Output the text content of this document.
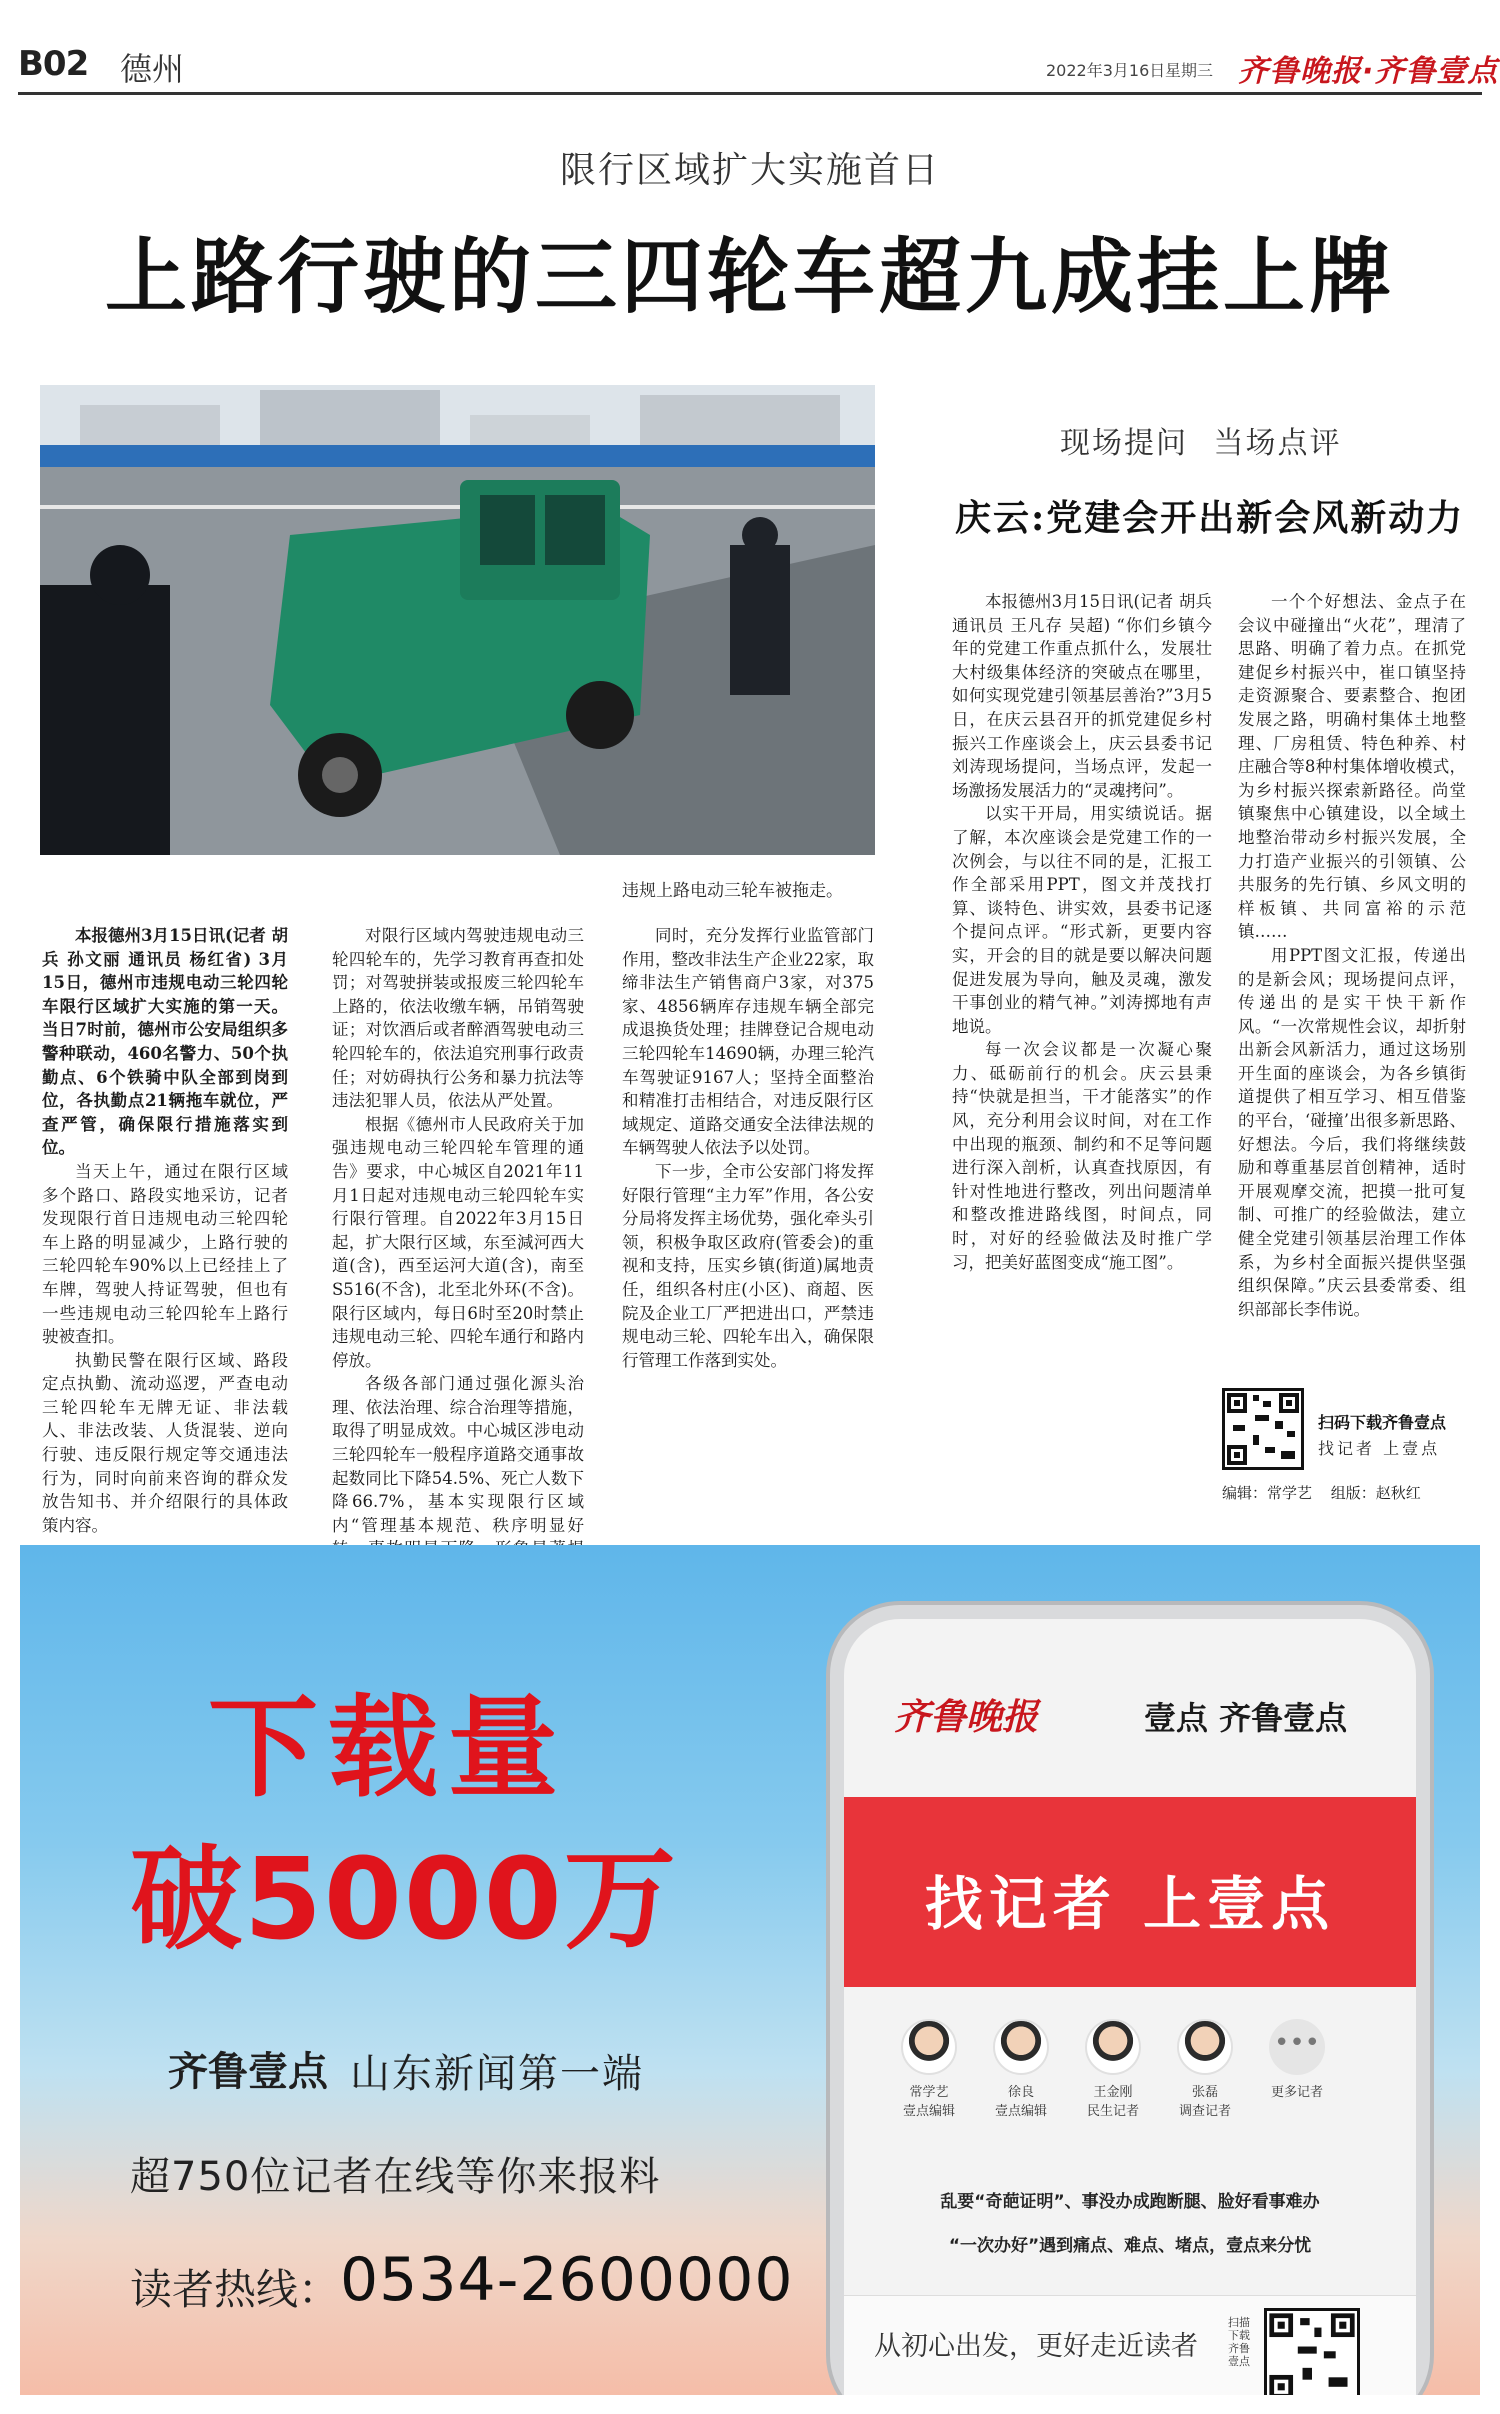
B02 德州	2022年3月16日 星期三 齐鲁晚报·齐鲁壹点
限行区域扩大实施首日
上路行驶的三四轮车超九成挂上牌
违规上路电动三轮车被拖走。

本报德州3月15日讯(记者 胡兵 孙文丽 通讯员 杨红省) 3月15日，德州市违规电动三轮四轮车限行区域扩大实施的第一天。当日7时前，德州市公安局组织多警种联动，460名警力、50个执勤点、6个铁骑中队全部到岗到位，各执勤点21辆拖车就位，严查严管，确保限行措施落实到位。

当天上午，通过在限行区域多个路口、路段实地采访，记者发现限行首日违规电动三轮四轮车上路的明显减少，上路行驶的三轮四轮车90%以上已经挂上了车牌，驾驶人持证驾驶，但也有一些违规电动三轮四轮车上路行驶被查扣。

执勤民警在限行区域、路段定点执勤、流动巡逻，严查电动三轮四轮车无牌无证、非法载人、非法改装、人货混装、逆向行驶、违反限行规定等交通违法行为，同时向前来咨询的群众发放告知书、并介绍限行的具体政策内容。

对限行区域内驾驶违规电动三轮四轮车的，先学习教育再查扣处罚；对驾驶拼装或报废三轮四轮车上路的，依法收缴车辆，吊销驾驶证；对饮酒后或者醉酒驾驶电动三轮四轮车的，依法追究刑事行政责任；对妨碍执行公务和暴力抗法等违法犯罪人员，依法从严处置。

根据《德州市人民政府关于加强违规电动三轮四轮车管理的通告》要求，中心城区自2021年11月1日起对违规电动三轮四轮车实行限行管理。自2022年3月15日起，扩大限行区域，东至減河西大道(含)，西至运河大道(含)，南至S516(不含)，北至北外环(不含)。限行区域内，每日6时至20时禁止违规电动三轮、四轮车通行和路内停放。

各级各部门通过强化源头治理、依法治理、综合治理等措施，取得了明显成效。中心城区涉电动三轮四轮车一般程序道路交通事故起数同比下降54.5%、死亡人数下降66.7%，基本实现限行区域内“管理基本规范、秩序明显好

同时，充分发挥行业监管部门作用，整改非法生产企业22家，取缔非法生产销售商户3家，对375家、4856辆库存违规车辆全部完成退换货处理；挂牌登记合规电动三轮四轮车14690辆，办理三轮汽车驾驶证9167人；坚持全面整治和精准打击相结合，对违反限行区域规定、道路交通安全法律法规的车辆驾驶人依法予以处罚。

下一步，全市公安部门将发挥好限行管理“主力军”作用，各公安分局将发挥主场优势，强化牵头引领，积极争取区政府(管委会)的重视和支持，压实乡镇(街道)属地责任，组织各村庄(小区)、商超、医院及企业工厂严把进出口，严禁违规电动三轮、四轮车出入，确保限行管理工作落到实处。

现场提问 当场点评
庆云:党建会开出新会风新动力

本报德州3月15日讯(记者 胡兵 通讯员 王凡存 吴超) “你们乡镇今年的党建工作重点抓什么，发展壮大村级集体经济的突破点在哪里，如何实现党建引领基层善治?”3月5日，在庆云县召开的抓党建促乡村振兴工作座谈会上，庆云县委书记刘涛现场提问，当场点评，发起一场激扬发展活力的“灵魂拷问”。

以实干开局，用实绩说话。据了解，本次座谈会是党建工作的一次例会，与以往不同的是，汇报工作全部采用PPT，图文并茂找打算、谈特色、讲实效，县委书记逐个提问点评。“形式新，更要内容实，开会的目的就是要以解决问题促进发展为导向，触及灵魂，激发干事创业的精气神。”刘涛掷地有声地说。

每一次会议都是一次凝心聚力、砥砺前行的机会。庆云县秉持“快就是担当，干才能落实”的作风，充分利用会议时间，对在工作中出现的瓶颈、制约和不足等问题进行深入剖析，认真查找原因，有针对性地进行整改，列出问题清单和整改推进路线图，时间点，同时，对好的经验做法及时推广学习，把美好蓝图变成“施工图”。

一个个好想法、金点子在会议中碰撞出“火花”，理清了思路、明确了着力点。在抓党建促乡村振兴中，崔口镇坚持走资源聚合、要素整合、抱团发展之路，明确村集体土地整理、厂房租赁、特色种养、村庄融合等8种村集体增收模式，为乡村振兴探索新路径。尚堂镇聚焦中心镇建设，以全域土地整治带动乡村振兴发展，全力打造产业振兴的引领镇、公共服务的先行镇、乡风文明的样板镇、共同富裕的示范镇……

用PPT图文汇报，传递出的是新会风；现场提问点评，传递出的是实干快干新作风。“一次常规性会议，却折射出新会风新活力，通过这场别开生面的座谈会，为各乡镇街道提供了相互学习、相互借鉴的平台，‘碰撞’出很多新思路、好想法。今后，我们将继续鼓励和尊重基层首创精神，适时开展观摩交流，把摸一批可复制、可推广的经验做法，建立健全党建引领基层治理工作体系，为乡村全面振兴提供坚强组织保障。”庆云县委常委、组织部部长李伟说。

扫码下载齐鲁壹点
找记者 上壹点
编辑：常学艺 组版：赵秋红
下载量
破5000万
齐鲁壹点 山东新闻第一端
超750位记者在线等你来报料
读者热线： 0534-2600000
齐鲁晚报	壹点 齐鲁壹点
找记者 上壹点
常学艺
壹点编辑
徐良
壹点编辑
王金刚
民生记者
张磊
调查记者
•••
更多记者
乱要“奇葩证明”、事没办成跑断腿、脸好看事难办
“一次办好”遇到痛点、难点、堵点，壹点来分忧
从初心出发，更好走近读者
扫描下载齐鲁壹点
